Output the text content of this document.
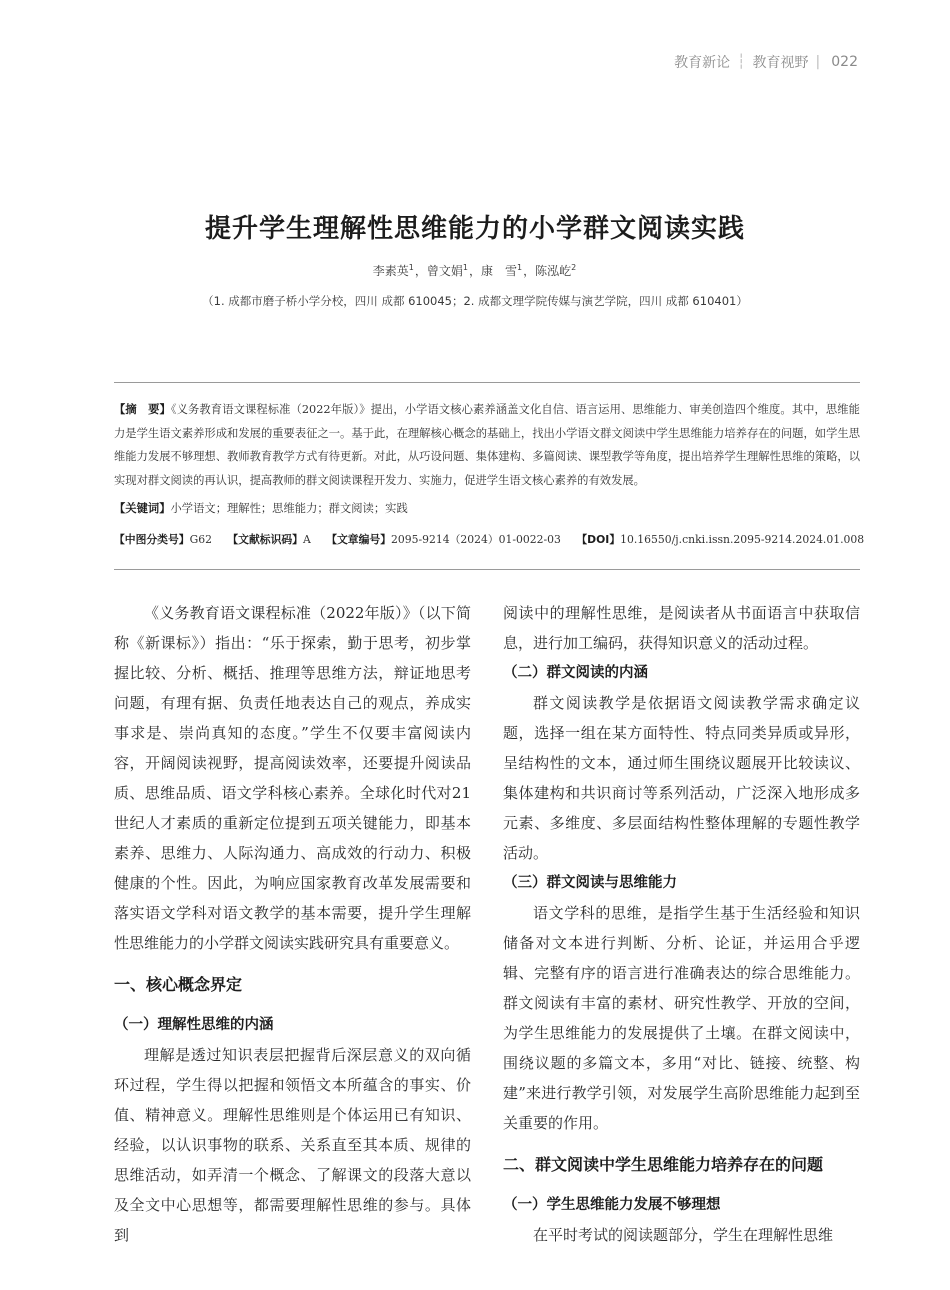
教育新论 ┆ 教育视野 | 022
提升学生理解性思维能力的小学群文阅读实践
李素英$^1$，曾文娟$^1$，康　雪$^1$，陈泓屹$^2$
（1. 成都市磨子桥小学分校，四川 成都 610045；2. 成都文理学院传媒与演艺学院，四川 成都 610401）
【摘　要】《义务教育语文课程标准（2022年版）》提出，小学语文核心素养涵盖文化自信、语言运用、思维能力、审美创造四个维度。其中，思维能力是学生语文素养形成和发展的重要表征之一。基于此，在理解核心概念的基础上，找出小学语文群文阅读中学生思维能力培养存在的问题，如学生思维能力发展不够理想、教师教育教学方式有待更新。对此，从巧设问题、集体建构、多篇阅读、课型教学等角度，提出培养学生理解性思维的策略，以实现对群文阅读的再认识，提高教师的群文阅读课程开发力、实施力，促进学生语文核心素养的有效发展。
【关键词】小学语文；理解性；思维能力；群文阅读；实践
【中图分类号】G62 【文献标识码】A 【文章编号】2095-9214（2024）01-0022-03 【DOI】10.16550/j.cnki.issn.2095-9214.2024.01.008

《义务教育语文课程标准（2022年版）》（以下简称《新课标》）指出：“乐于探索，勤于思考，初步掌握比较、分析、概括、推理等思维方法，辩证地思考问题，有理有据、负责任地表达自己的观点，养成实事求是、崇尚真知的态度。”学生不仅要丰富阅读内容，开阔阅读视野，提高阅读效率，还要提升阅读品质、思维品质、语文学科核心素养。全球化时代对21世纪人才素质的重新定位提到五项关键能力，即基本素养、思维力、人际沟通力、高成效的行动力、积极健康的个性。因此，为响应国家教育改革发展需要和落实语文学科对语文教学的基本需要，提升学生理解性思维能力的小学群文阅读实践研究具有重要意义。

一、核心概念界定
（一）理解性思维的内涵

理解是透过知识表层把握背后深层意义的双向循环过程，学生得以把握和领悟文本所蕴含的事实、价值、精神意义。理解性思维则是个体运用已有知识、经验，以认识事物的联系、关系直至其本质、规律的思维活动，如弄清一个概念、了解课文的段落大意以及全文中心思想等，都需要理解性思维的参与。具体到

阅读中的理解性思维，是阅读者从书面语言中获取信息，进行加工编码，获得知识意义的活动过程。

（二）群文阅读的内涵

群文阅读教学是依据语文阅读教学需求确定议题，选择一组在某方面特性、特点同类异质或异形，呈结构性的文本，通过师生围绕议题展开比较读议、集体建构和共识商讨等系列活动，广泛深入地形成多元素、多维度、多层面结构性整体理解的专题性教学活动。

（三）群文阅读与思维能力

语文学科的思维，是指学生基于生活经验和知识储备对文本进行判断、分析、论证，并运用合乎逻辑、完整有序的语言进行准确表达的综合思维能力。群文阅读有丰富的素材、研究性教学、开放的空间，为学生思维能力的发展提供了土壤。在群文阅读中，围绕议题的多篇文本，多用“对比、链接、统整、构建”来进行教学引领，对发展学生高阶思维能力起到至关重要的作用。

二、群文阅读中学生思维能力培养存在的问题
（一）学生思维能力发展不够理想

在平时考试的阅读题部分，学生在理解性思维
